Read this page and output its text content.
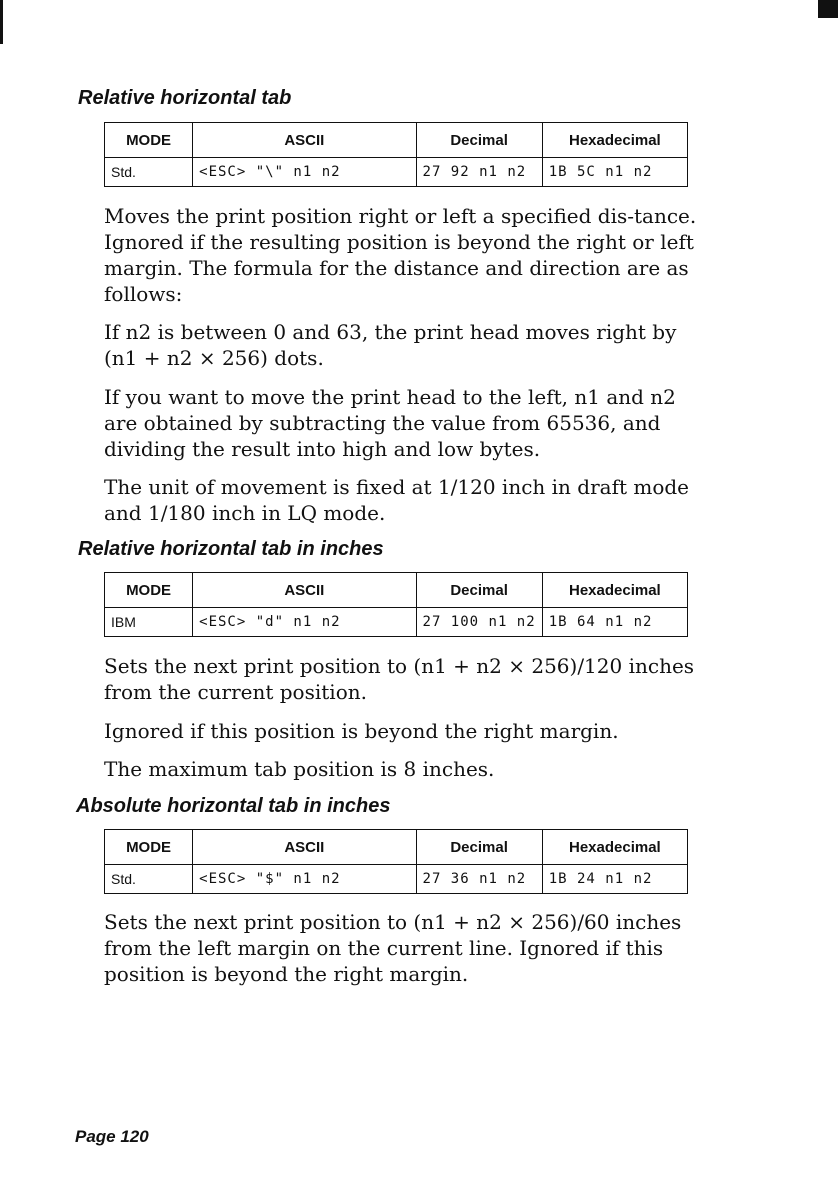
Relative horizontal tab
MODE	ASCII	Decimal	Hexadecimal
Std.	<ESC> "\" n1 n2	27 92 n1 n2	1B 5C n1 n2

Moves the print position right or left a specified dis-tance. Ignored if the resulting position is beyond the right or left margin. The formula for the distance and direction are as follows:

If n2 is between 0 and 63, the print head moves right by (n1 + n2 × 256) dots.

If you want to move the print head to the left, n1 and n2 are obtained by subtracting the value from 65536, and dividing the result into high and low bytes.

The unit of movement is fixed at 1/120 inch in draft mode and 1/180 inch in LQ mode.

Relative horizontal tab in inches
MODE	ASCII	Decimal	Hexadecimal
IBM	<ESC> "d" n1 n2	27 100 n1 n2	1B 64 n1 n2

Sets the next print position to (n1 + n2 × 256)/120 inches from the current position.

Ignored if this position is beyond the right margin.

The maximum tab position is 8 inches.

Absolute horizontal tab in inches
MODE	ASCII	Decimal	Hexadecimal
Std.	<ESC> "$" n1 n2	27 36 n1 n2	1B 24 n1 n2

Sets the next print position to (n1 + n2 × 256)/60 inches from the left margin on the current line. Ignored if this position is beyond the right margin.

Page 120
